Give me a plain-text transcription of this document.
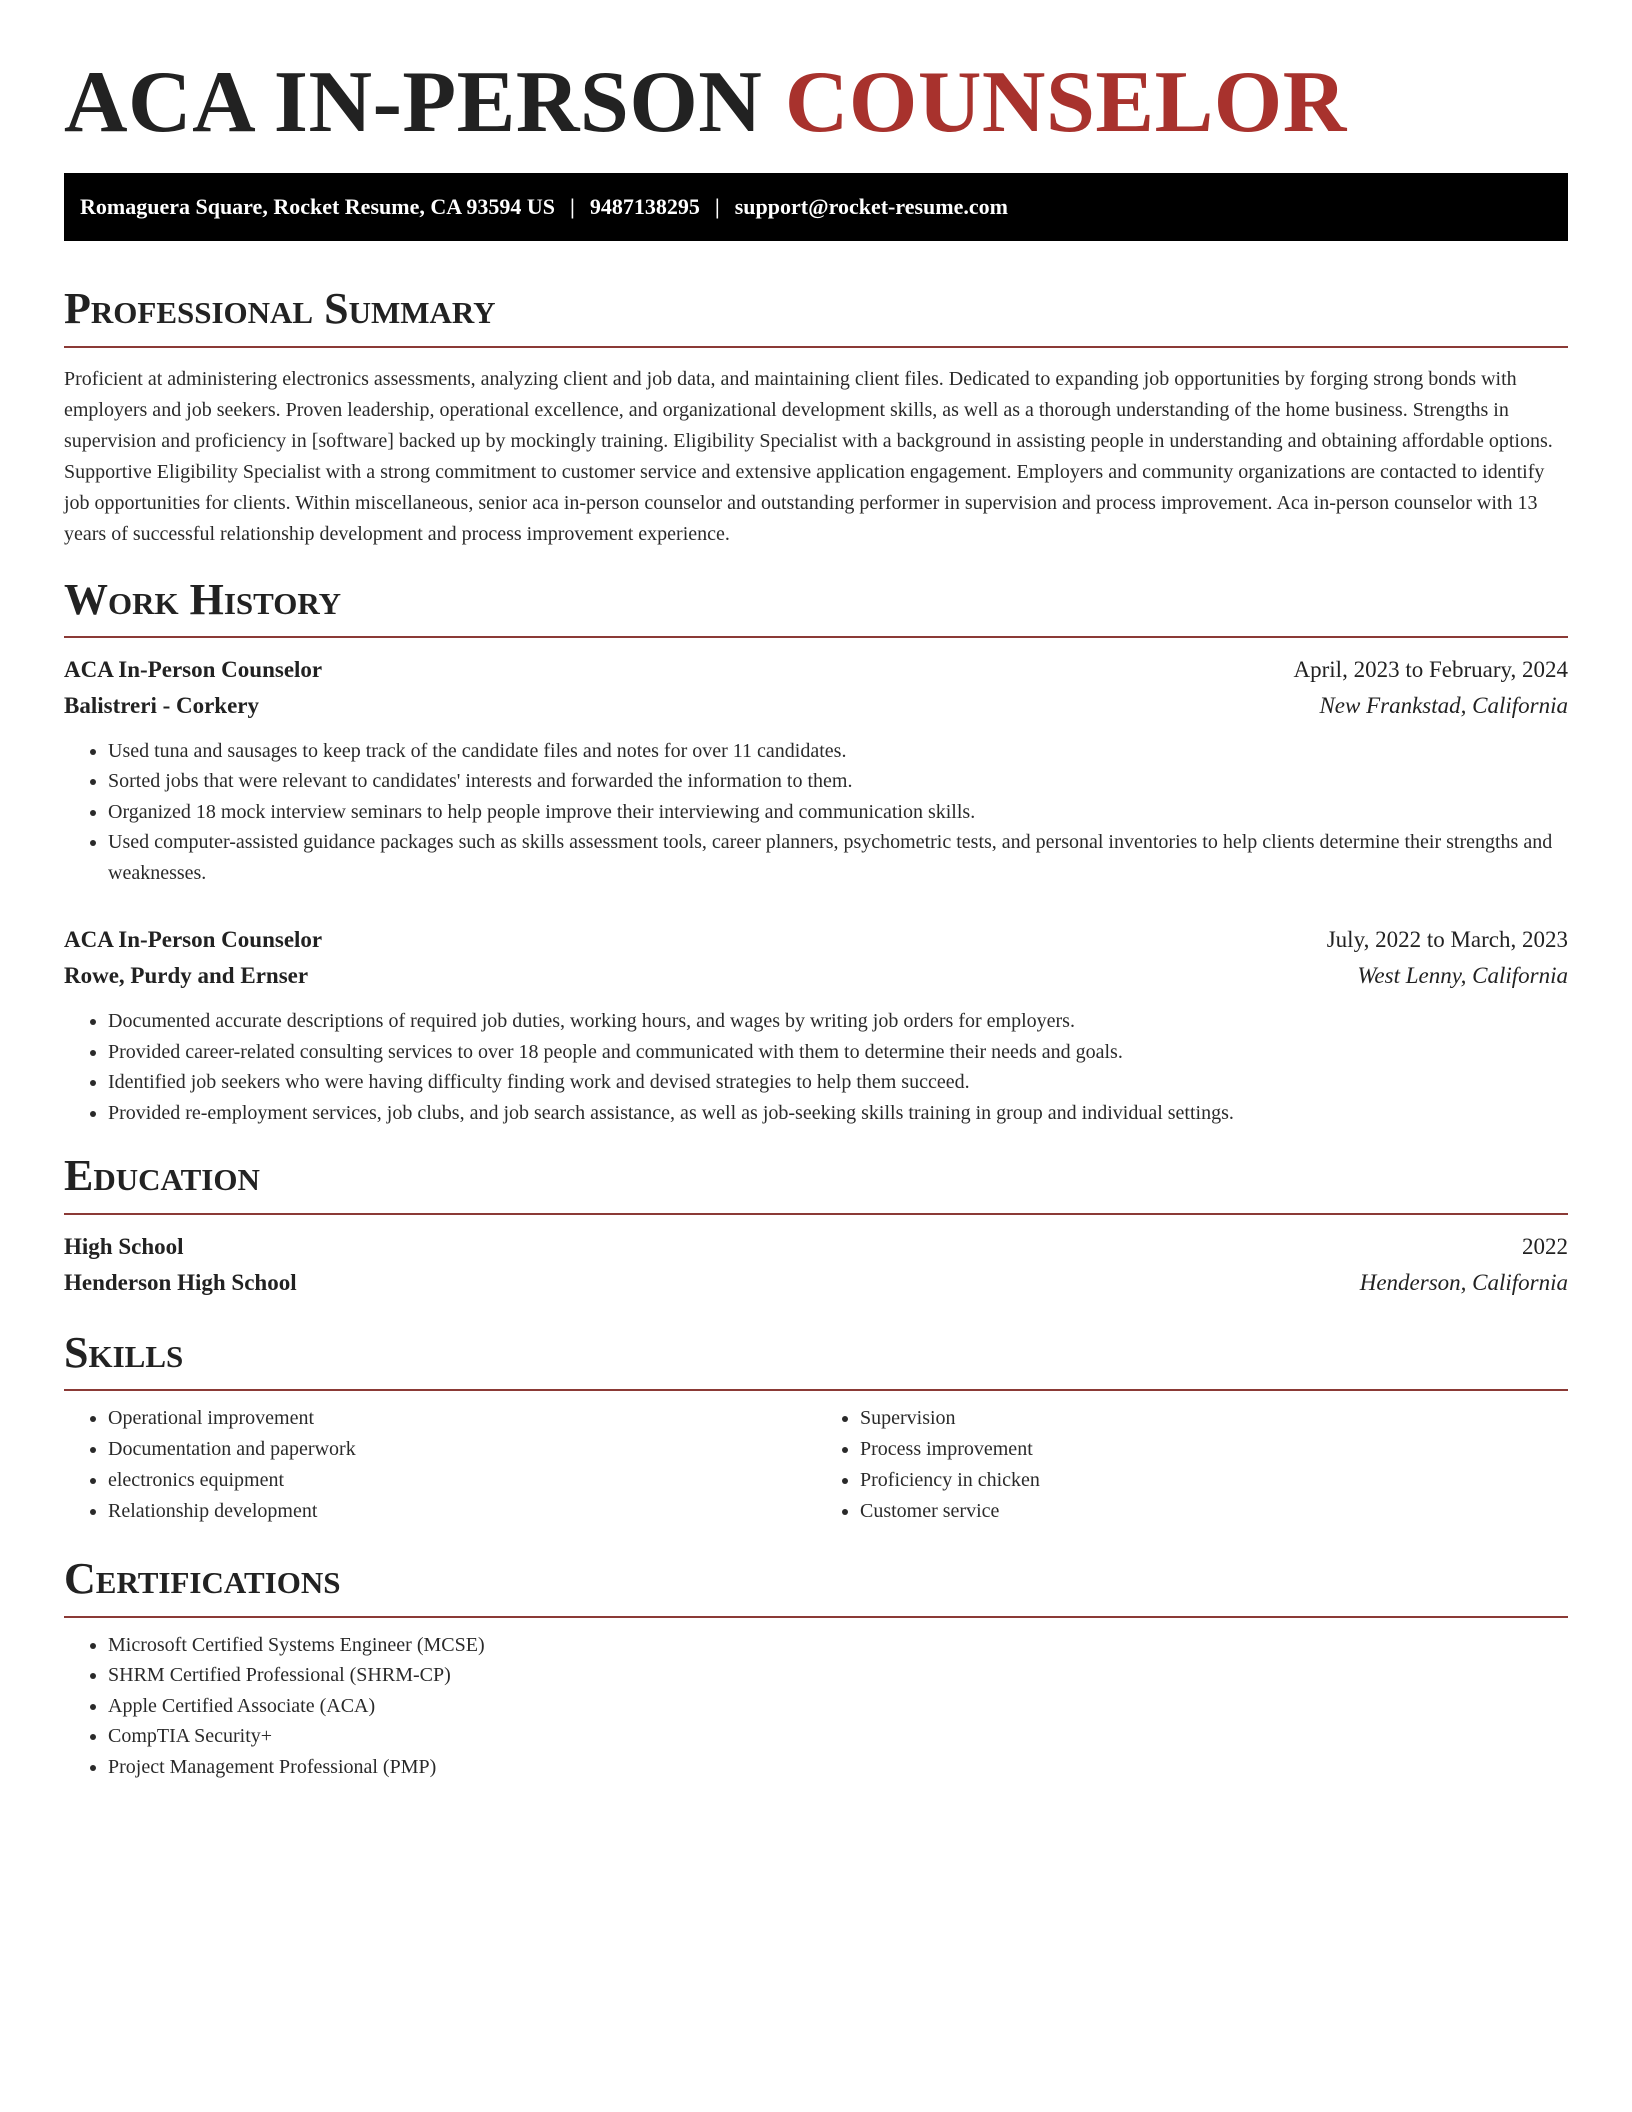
ACA IN-PERSON COUNSELOR
Romaguera Square, Rocket Resume, CA 93594 US | 9487138295 | support@rocket-resume.com
Professional Summary

Proficient at administering electronics assessments, analyzing client and job data, and maintaining client files. Dedicated to expanding job opportunities by forging strong bonds with employers and job seekers. Proven leadership, operational excellence, and organizational development skills, as well as a thorough understanding of the home business. Strengths in supervision and proficiency in [software] backed up by mockingly training. Eligibility Specialist with a background in assisting people in understanding and obtaining affordable options. Supportive Eligibility Specialist with a strong commitment to customer service and extensive application engagement. Employers and community organizations are contacted to identify job opportunities for clients. Within miscellaneous, senior aca in-person counselor and outstanding performer in supervision and process improvement. Aca in-person counselor with 13 years of successful relationship development and process improvement experience.

Work History
ACA In-Person Counselor	April, 2023 to February, 2024
Balistreri - Corkery	New Frankstad, California
• Used tuna and sausages to keep track of the candidate files and notes for over 11 candidates.
• Sorted jobs that were relevant to candidates' interests and forwarded the information to them.
• Organized 18 mock interview seminars to help people improve their interviewing and communication skills.
• Used computer-assisted guidance packages such as skills assessment tools, career planners, psychometric tests, and personal inventories to help clients determine their strengths and weaknesses.
ACA In-Person Counselor	July, 2022 to March, 2023
Rowe, Purdy and Ernser	West Lenny, California
• Documented accurate descriptions of required job duties, working hours, and wages by writing job orders for employers.
• Provided career-related consulting services to over 18 people and communicated with them to determine their needs and goals.
• Identified job seekers who were having difficulty finding work and devised strategies to help them succeed.
• Provided re-employment services, job clubs, and job search assistance, as well as job-seeking skills training in group and individual settings.
Education
High School	2022
Henderson High School	Henderson, California
Skills
• Operational improvement
• Documentation and paperwork
• electronics equipment
• Relationship development
• Supervision
• Process improvement
• Proficiency in chicken
• Customer service
Certifications
• Microsoft Certified Systems Engineer (MCSE)
• SHRM Certified Professional (SHRM-CP)
• Apple Certified Associate (ACA)
• CompTIA Security+
• Project Management Professional (PMP)
